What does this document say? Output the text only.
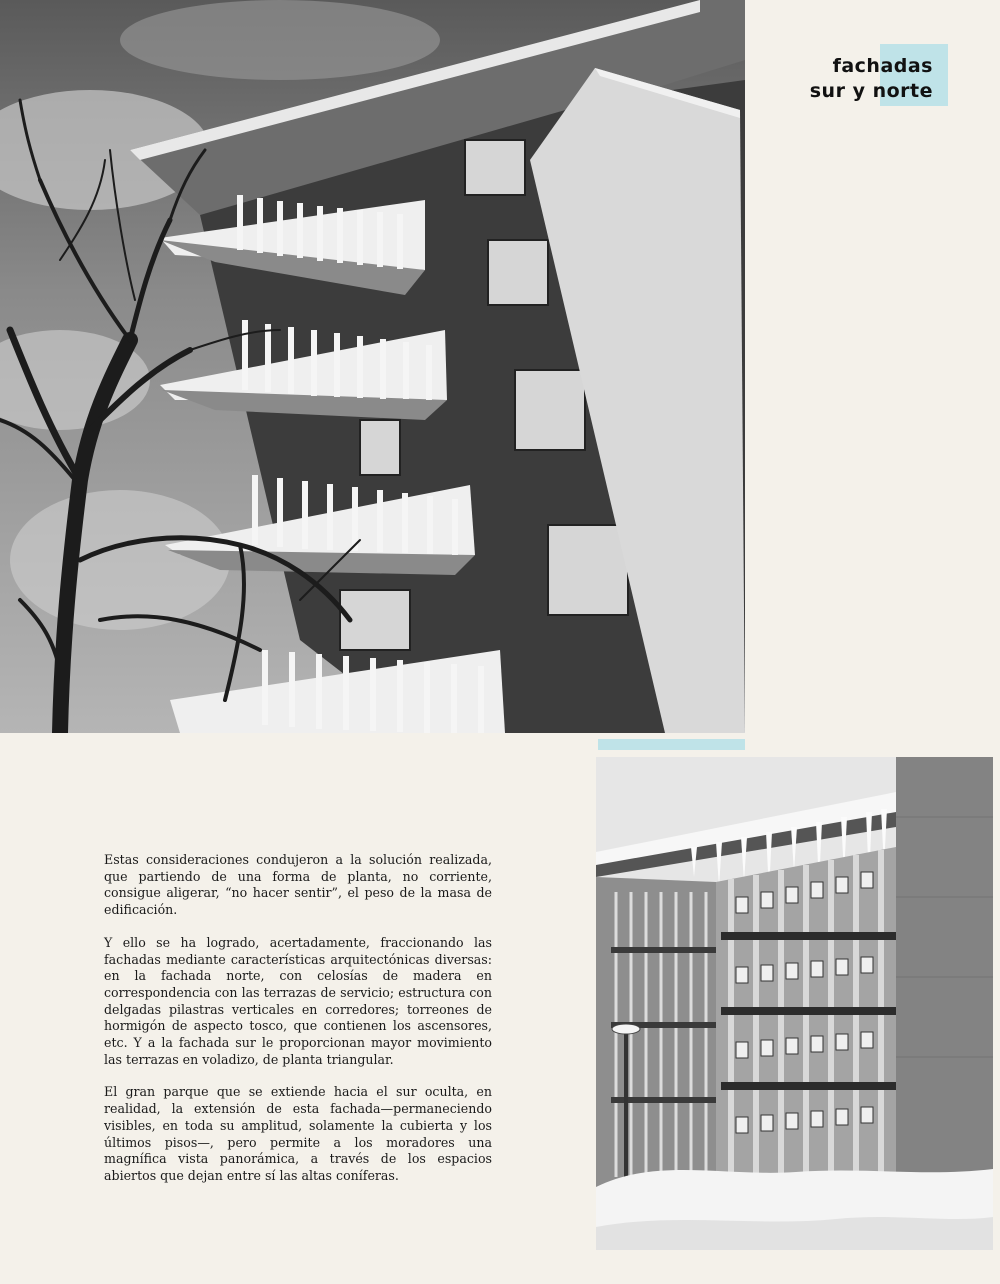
fachadas
sur y norte

Estas consideraciones condujeron a la solución realizada, que partiendo de una forma de planta, no corriente, consigue aligerar, “no hacer sentir”, el peso de la masa de edificación.

Y ello se ha logrado, acertadamente, fraccionando las fachadas mediante características arquitectónicas diversas: en la fachada norte, con celosías de madera en correspondencia con las terrazas de servicio; estructura con delgadas pilastras verticales en corredores; torreones de hormigón de aspecto tosco, que contienen los ascensores, etc. Y a la fachada sur le proporcionan mayor movimiento las terrazas en voladizo, de planta triangular.

El gran parque que se extiende hacia el sur oculta, en realidad, la extensión de esta fachada—permaneciendo visibles, en toda su amplitud, solamente la cubierta y los últimos pisos—, pero permite a los moradores una magnífica vista panorámica, a través de los espacios abiertos que dejan entre sí las altas coníferas.
